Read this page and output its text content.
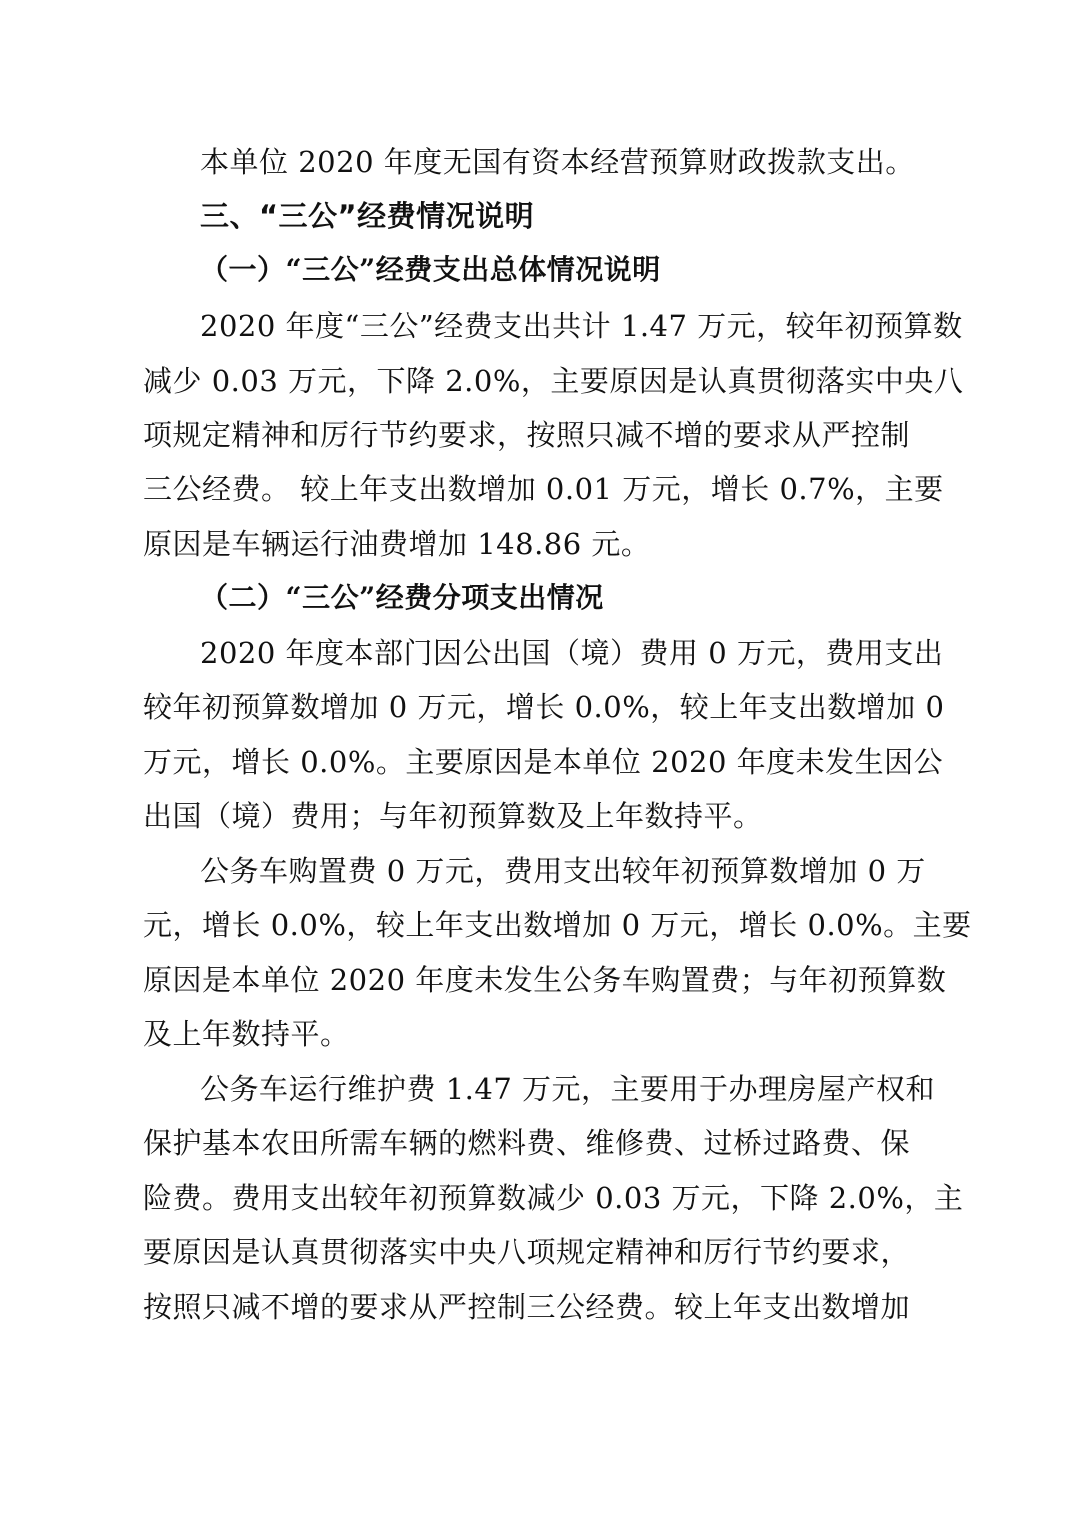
本单位 2020 年度无国有资本经营预算财政拨款支出。
三、“三公”经费情况说明
（一）“三公”经费支出总体情况说明
2020 年度“三公”经费支出共计 1.47 万元，较年初预算数
减少 0.03 万元，下降 2.0%，主要原因是认真贯彻落实中央八
项规定精神和厉行节约要求，按照只减不增的要求从严控制
三公经费。 较上年支出数增加 0.01 万元，增长 0.7%，主要
原因是车辆运行油费增加 148.86 元。
（二）“三公”经费分项支出情况
2020 年度本部门因公出国（境）费用 0 万元，费用支出
较年初预算数增加 0 万元，增长 0.0%，较上年支出数增加 0
万元，增长 0.0%。主要原因是本单位 2020 年度未发生因公
出国（境）费用；与年初预算数及上年数持平。
公务车购置费 0 万元，费用支出较年初预算数增加 0 万
元，增长 0.0%，较上年支出数增加 0 万元，增长 0.0%。主要
原因是本单位 2020 年度未发生公务车购置费；与年初预算数
及上年数持平。
公务车运行维护费 1.47 万元，主要用于办理房屋产权和
保护基本农田所需车辆的燃料费、维修费、过桥过路费、保
险费。费用支出较年初预算数减少 0.03 万元，下降 2.0%，主
要原因是认真贯彻落实中央八项规定精神和厉行节约要求，
按照只减不增的要求从严控制三公经费。较上年支出数增加
